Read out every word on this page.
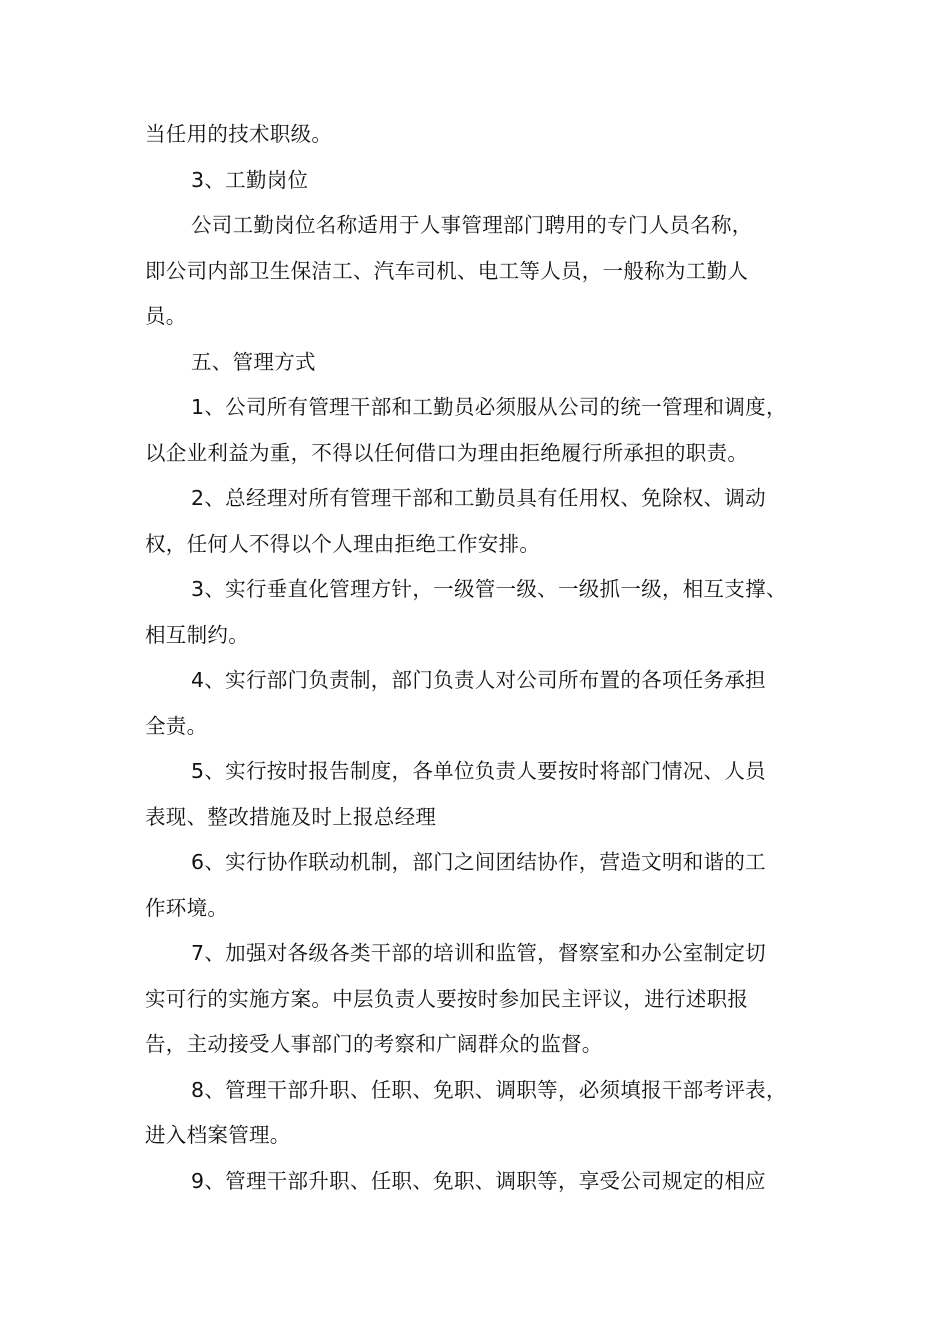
当任用的技术职级。
3、工勤岗位
公司工勤岗位名称适用于人事管理部门聘用的专门人员名称，
即公司内部卫生保洁工、汽车司机、电工等人员，一般称为工勤人
员。
五、管理方式
1、公司所有管理干部和工勤员必须服从公司的统一管理和调度，
以企业利益为重，不得以任何借口为理由拒绝履行所承担的职责。
2、总经理对所有管理干部和工勤员具有任用权、免除权、调动
权，任何人不得以个人理由拒绝工作安排。
3、实行垂直化管理方针，一级管一级、一级抓一级，相互支撑、
相互制约。
4、实行部门负责制，部门负责人对公司所布置的各项任务承担
全责。
5、实行按时报告制度，各单位负责人要按时将部门情况、人员
表现、整改措施及时上报总经理
6、实行协作联动机制，部门之间团结协作，营造文明和谐的工
作环境。
7、加强对各级各类干部的培训和监管，督察室和办公室制定切
实可行的实施方案。中层负责人要按时参加民主评议，进行述职报
告，主动接受人事部门的考察和广阔群众的监督。
8、管理干部升职、任职、免职、调职等，必须填报干部考评表，
进入档案管理。
9、管理干部升职、任职、免职、调职等，享受公司规定的相应
